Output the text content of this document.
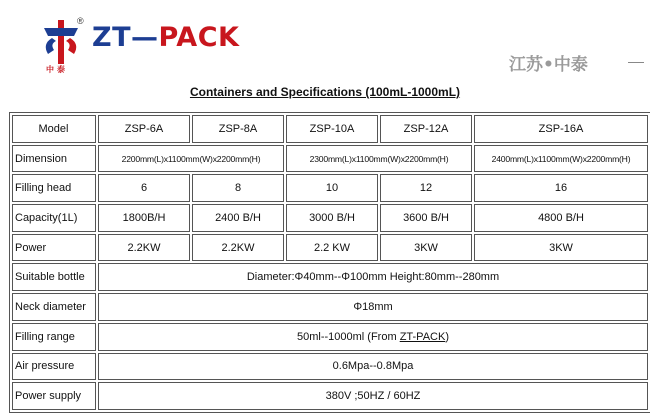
®
ZT—PACK
中泰	江苏•中泰
Containers and Specifications (100mL-1000mL)
Model	ZSP-6A	ZSP-8A	ZSP-10A	ZSP-12A	ZSP-16A
Dimension	2200mm(L)x1100mm(W)x2200mm(H)		2300mm(L)x1100mm(W)x2200mm(H)		2400mm(L)x1100mm(W)x2200mm(H)
Filling head	6	8	10	12	16
Capacity(1L)	1800B/H	2400 B/H	3000 B/H	3600 B/H	4800 B/H
Power	2.2KW	2.2KW	2.2 KW	3KW	3KW
Suitable bottle	Diameter:Φ40mm--Φ100mm Height:80mm--280mm				
Neck diameter	Φ18mm				
Filling range	50ml--1000ml (From ZT-PACK)				
Air pressure	0.6Mpa--0.8Mpa				
Power supply	380V ;50HZ / 60HZ				
